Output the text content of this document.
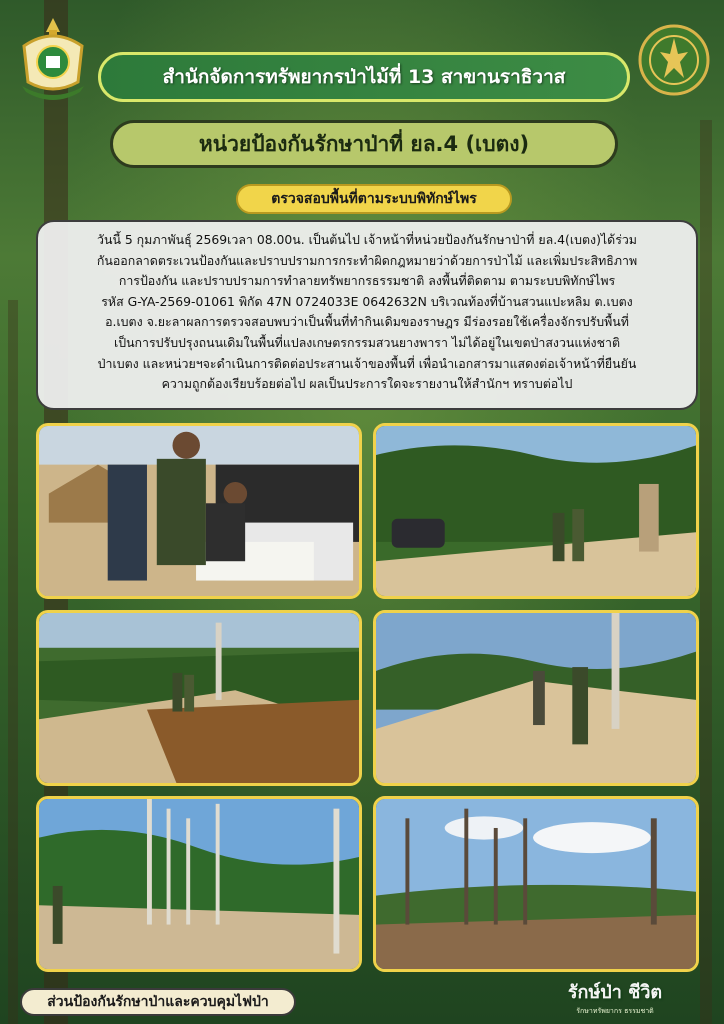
สำนักจัดการทรัพยากรป่าไม้ที่ 13 สาขานราธิวาส
หน่วยป้องกันรักษาป่าที่ ยล.4 (เบตง)
ตรวจสอบพื้นที่ตามระบบพิทักษ์ไพร
วันนี้ 5 กุมภาพันธุ์ 2569เวลา 08.00น. เป็นต้นไป เจ้าหน้าที่หน่วยป้องกันรักษาป่าที่ ยล.4(เบตง)ได้ร่วม
กันออกลาดตระเวนป้องกันและปราบปรามการกระทำผิดกฎหมายว่าด้วยการป่าไม้ และเพิ่มประสิทธิภาพ
การป้องกัน และปราบปรามการทำลายทรัพยากรธรรมชาติ ลงพื้นที่ติดตาม ตามระบบพิทักษ์ไพร
รหัส G-YA-2569-01061 พิกัด 47N 0724033E 0642632N บริเวณท้องที่บ้านสวนแปะหลิม ต.เบตง
อ.เบตง จ.ยะลาผลการตรวจสอบพบว่าเป็นพื้นที่ทำกินเดิมของราษฎร มีร่องรอยใช้เครื่องจักรปรับพื้นที่
เป็นการปรับปรุงถนนเดิมในพื้นที่แปลงเกษตรกรรมสวนยางพารา ไม่ได้อยู่ในเขตป่าสงวนแห่งชาติ
ป่าเบตง และหน่วยฯจะดำเนินการติดต่อประสานเจ้าของพื้นที่ เพื่อนำเอกสารมาแสดงต่อเจ้าหน้าที่ยืนยัน
ความถูกต้องเรียบร้อยต่อไป ผลเป็นประการใดจะรายงานให้สำนักฯ ทราบต่อไป
ส่วนป้องกันรักษาป่าและควบคุมไฟป่า	รักษ์ป่า ชีวิต
รักษาทรัพยากร ธรรมชาติ
